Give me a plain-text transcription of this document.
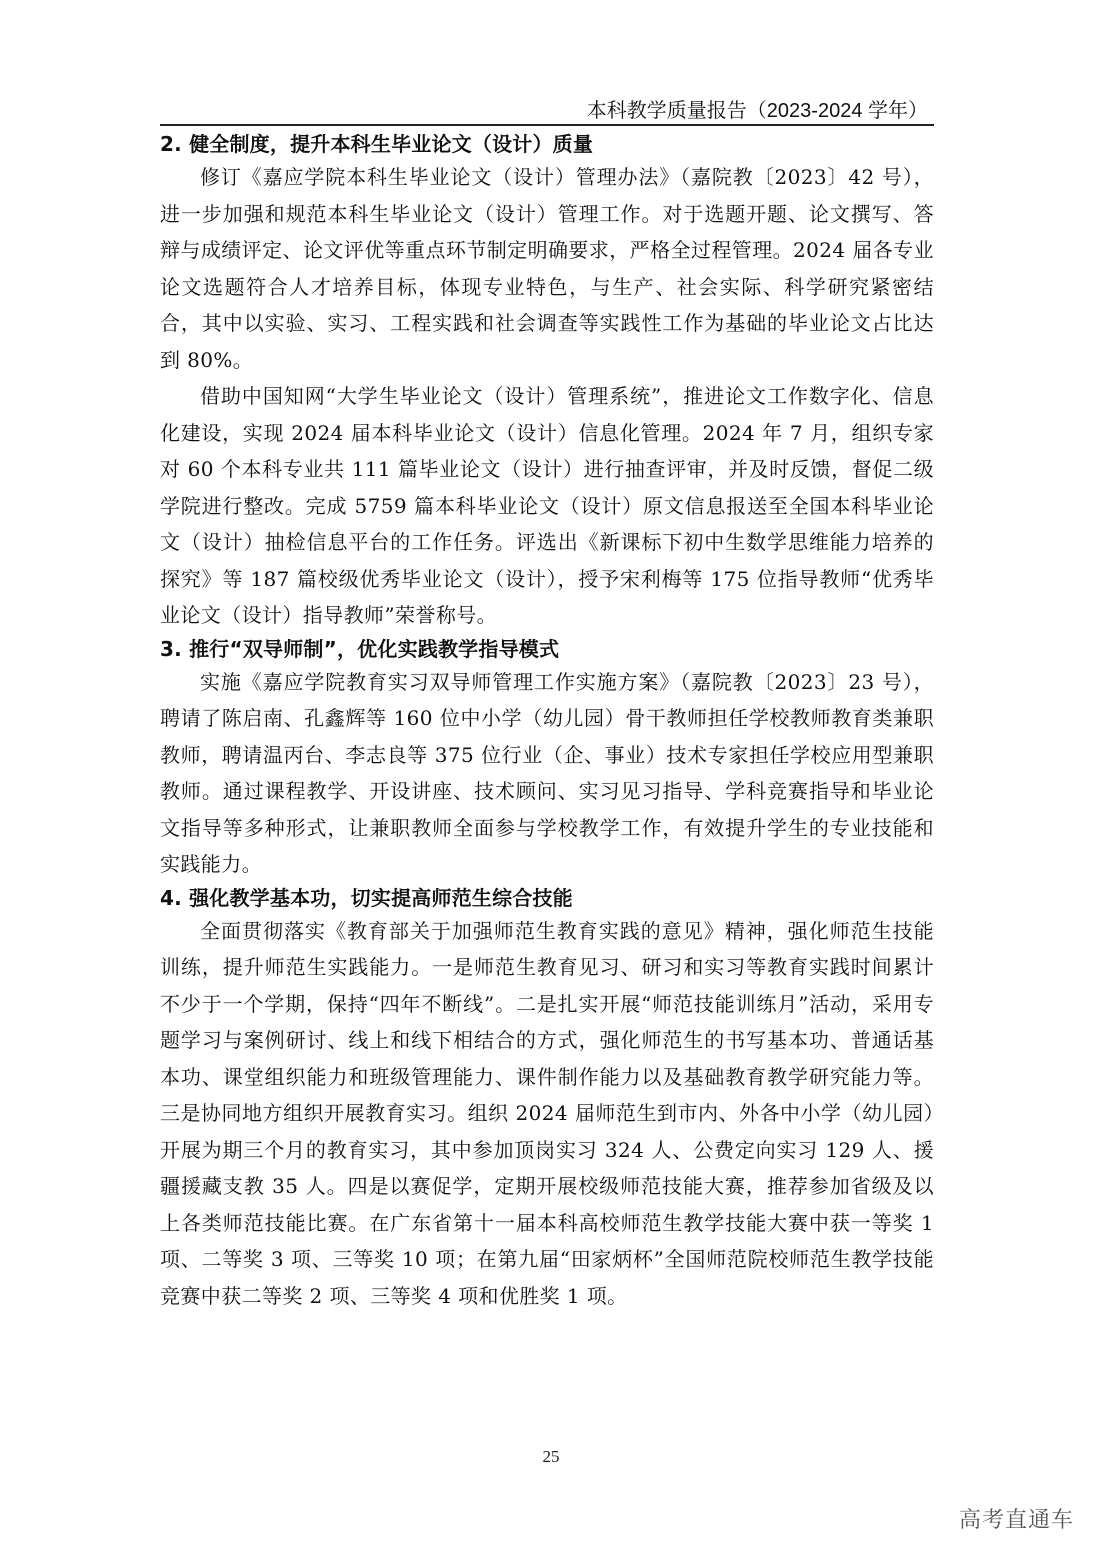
本科教学质量报告（2023-2024 学年）
2. 健全制度，提升本科生毕业论文（设计）质量

修订《嘉应学院本科生毕业论文（设计）管理办法》（嘉院教〔2023〕42 号），进一步加强和规范本科生毕业论文（设计）管理工作。对于选题开题、论文撰写、答辩与成绩评定、论文评优等重点环节制定明确要求，严格全过程管理。2024 届各专业论文选题符合人才培养目标，体现专业特色，与生产、社会实际、科学研究紧密结合，其中以实验、实习、工程实践和社会调查等实践性工作为基础的毕业论文占比达到 80%。

借助中国知网“大学生毕业论文（设计）管理系统”，推进论文工作数字化、信息化建设，实现 2024 届本科毕业论文（设计）信息化管理。2024 年 7 月，组织专家对 60 个本科专业共 111 篇毕业论文（设计）进行抽查评审，并及时反馈，督促二级学院进行整改。完成 5759 篇本科毕业论文（设计）原文信息报送至全国本科毕业论文（设计）抽检信息平台的工作任务。评选出《新课标下初中生数学思维能力培养的探究》等 187 篇校级优秀毕业论文（设计），授予宋利梅等 175 位指导教师“优秀毕业论文（设计）指导教师”荣誉称号。

3. 推行“双导师制”，优化实践教学指导模式

实施《嘉应学院教育实习双导师管理工作实施方案》（嘉院教〔2023〕23 号），聘请了陈启南、孔鑫辉等 160 位中小学（幼儿园）骨干教师担任学校教师教育类兼职教师，聘请温丙台、李志良等 375 位行业（企、事业）技术专家担任学校应用型兼职教师。通过课程教学、开设讲座、技术顾问、实习见习指导、学科竞赛指导和毕业论文指导等多种形式，让兼职教师全面参与学校教学工作，有效提升学生的专业技能和实践能力。

4. 强化教学基本功，切实提高师范生综合技能

全面贯彻落实《教育部关于加强师范生教育实践的意见》精神，强化师范生技能训练，提升师范生实践能力。一是师范生教育见习、研习和实习等教育实践时间累计不少于一个学期，保持“四年不断线”。二是扎实开展“师范技能训练月”活动，采用专题学习与案例研讨、线上和线下相结合的方式，强化师范生的书写基本功、普通话基本功、课堂组织能力和班级管理能力、课件制作能力以及基础教育教学研究能力等。三是协同地方组织开展教育实习。组织 2024 届师范生到市内、外各中小学（幼儿园）开展为期三个月的教育实习，其中参加顶岗实习 324 人、公费定向实习 129 人、援疆援藏支教 35 人。四是以赛促学，定期开展校级师范技能大赛，推荐参加省级及以上各类师范技能比赛。在广东省第十一届本科高校师范生教学技能大赛中获一等奖 1 项、二等奖 3 项、三等奖 10 项；在第九届“田家炳杯”全国师范院校师范生教学技能竞赛中获二等奖 2 项、三等奖 4 项和优胜奖 1 项。

25
高考直通车
